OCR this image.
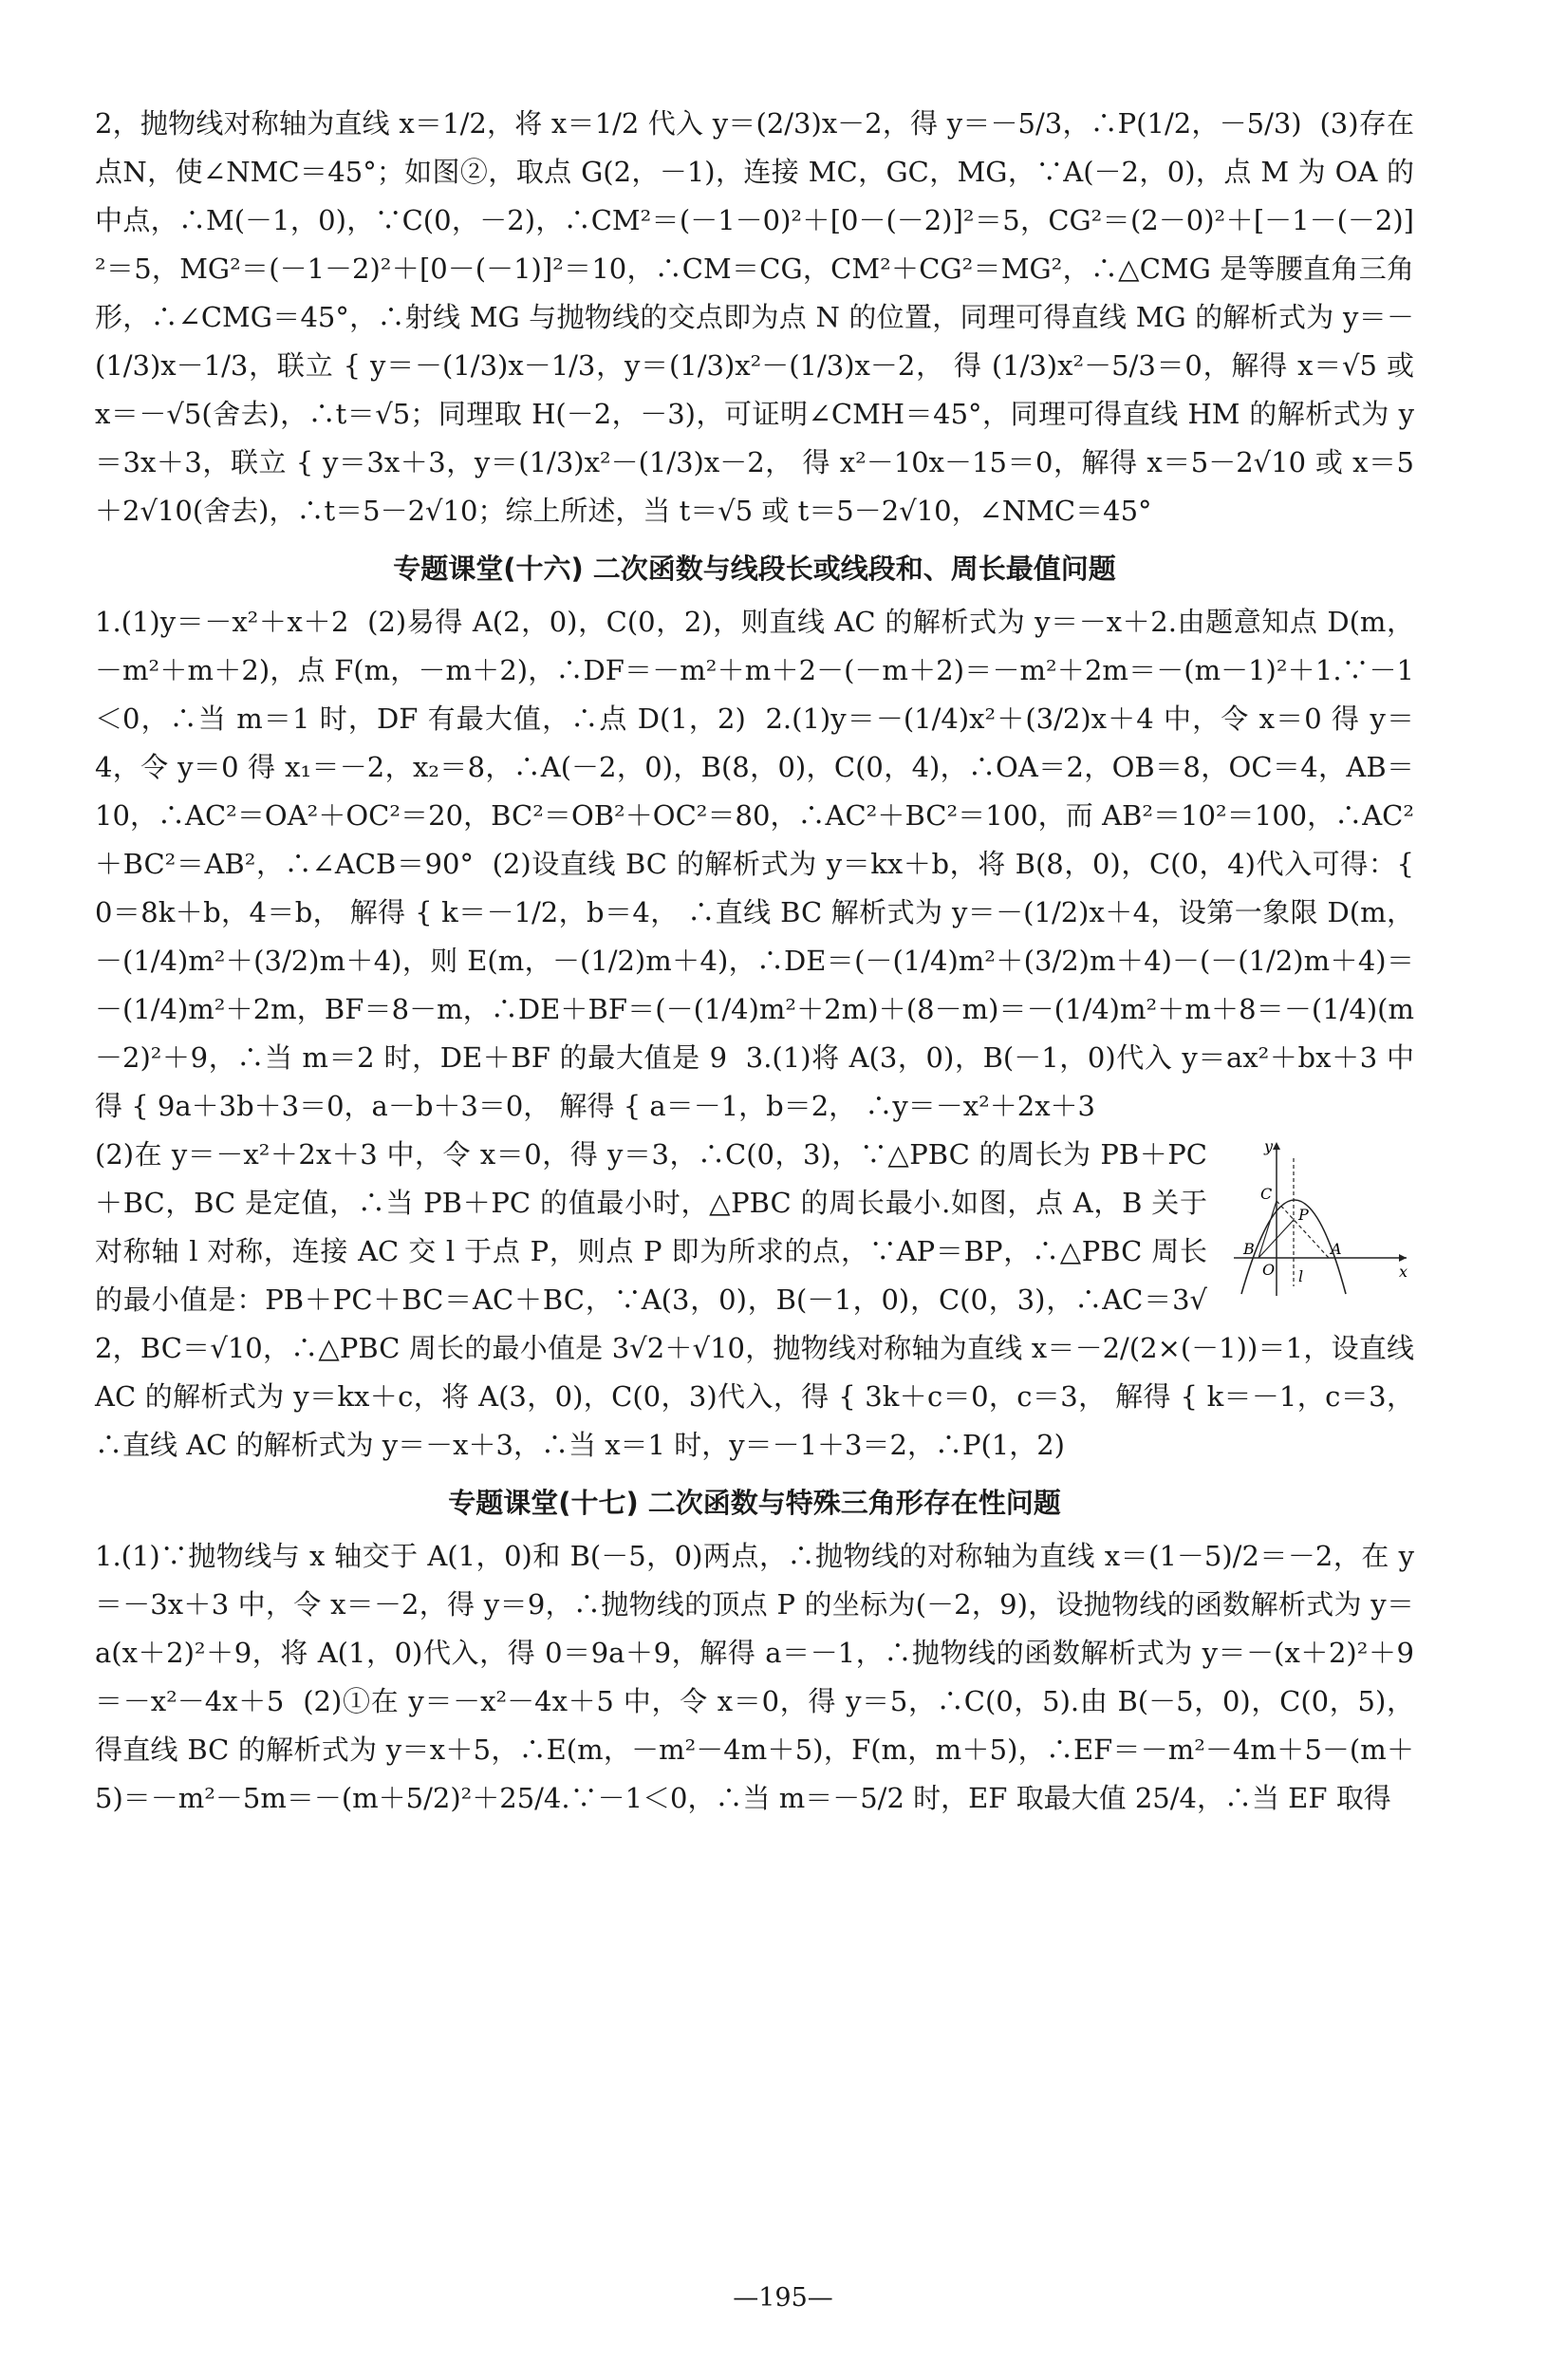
2，抛物线对称轴为直线 x＝1/2，将 x＝1/2 代入 y＝(2/3)x－2，得 y＝－5/3，∴P(1/2，－5/3)  (3)存在点N，使∠NMC＝45°；如图②，取点 G(2，－1)，连接 MC，GC，MG，∵A(－2，0)，点 M 为 OA 的中点，∴M(－1，0)，∵C(0，－2)，∴CM²＝(－1－0)²＋[0－(－2)]²＝5，CG²＝(2－0)²＋[－1－(－2)]²＝5，MG²＝(－1－2)²＋[0－(－1)]²＝10，∴CM＝CG，CM²＋CG²＝MG²，∴△CMG 是等腰直角三角形，∴∠CMG＝45°，∴射线 MG 与抛物线的交点即为点 N 的位置，同理可得直线 MG 的解析式为 y＝－(1/3)x－1/3，联立 { y＝－(1/3)x－1/3，y＝(1/3)x²－(1/3)x－2， 得 (1/3)x²－5/3＝0，解得 x＝√5 或 x＝－√5(舍去)，∴t＝√5；同理取 H(－2，－3)，可证明∠CMH＝45°，同理可得直线 HM 的解析式为 y＝3x＋3，联立 { y＝3x＋3，y＝(1/3)x²－(1/3)x－2， 得 x²－10x－15＝0，解得 x＝5－2√10 或 x＝5＋2√10(舍去)，∴t＝5－2√10；综上所述，当 t＝√5 或 t＝5－2√10，∠NMC＝45°

专题课堂(十六) 二次函数与线段长或线段和、周长最值问题

1.(1)y＝－x²＋x＋2  (2)易得 A(2，0)，C(0，2)，则直线 AC 的解析式为 y＝－x＋2.由题意知点 D(m，－m²＋m＋2)，点 F(m，－m＋2)，∴DF＝－m²＋m＋2－(－m＋2)＝－m²＋2m＝－(m－1)²＋1.∵－1＜0，∴当 m＝1 时，DF 有最大值，∴点 D(1，2)  2.(1)y＝－(1/4)x²＋(3/2)x＋4 中，令 x＝0 得 y＝4，令 y＝0 得 x₁＝－2，x₂＝8，∴A(－2，0)，B(8，0)，C(0，4)，∴OA＝2，OB＝8，OC＝4，AB＝10，∴AC²＝OA²＋OC²＝20，BC²＝OB²＋OC²＝80，∴AC²＋BC²＝100，而 AB²＝10²＝100，∴AC²＋BC²＝AB²，∴∠ACB＝90°  (2)设直线 BC 的解析式为 y＝kx＋b，将 B(8，0)，C(0，4)代入可得：{ 0＝8k＋b，4＝b， 解得 { k＝－1/2，b＝4， ∴直线 BC 解析式为 y＝－(1/2)x＋4，设第一象限 D(m，－(1/4)m²＋(3/2)m＋4)，则 E(m，－(1/2)m＋4)，∴DE＝(－(1/4)m²＋(3/2)m＋4)－(－(1/2)m＋4)＝－(1/4)m²＋2m，BF＝8－m，∴DE＋BF＝(－(1/4)m²＋2m)＋(8－m)＝－(1/4)m²＋m＋8＝－(1/4)(m－2)²＋9，∴当 m＝2 时，DE＋BF 的最大值是 9  3.(1)将 A(3，0)，B(－1，0)代入 y＝ax²＋bx＋3 中得 { 9a＋3b＋3＝0，a－b＋3＝0， 解得 { a＝－1，b＝2， ∴y＝－x²＋2x＋3

y
x
C
P
B	A
O l

(2)在 y＝－x²＋2x＋3 中，令 x＝0，得 y＝3，∴C(0，3)，∵△PBC 的周长为 PB＋PC＋BC，BC 是定值，∴当 PB＋PC 的值最小时，△PBC 的周长最小.如图，点 A，B 关于对称轴 l 对称，连接 AC 交 l 于点 P，则点 P 即为所求的点，∵AP＝BP，∴△PBC 周长的最小值是：PB＋PC＋BC＝AC＋BC，∵A(3，0)，B(－1，0)，C(0，3)，∴AC＝3√2，BC＝√10，∴△PBC 周长的最小值是 3√2＋√10，抛物线对称轴为直线 x＝－2/(2×(－1))＝1，设直线 AC 的解析式为 y＝kx＋c，将 A(3，0)，C(0，3)代入，得 { 3k＋c＝0，c＝3， 解得 { k＝－1，c＝3， ∴直线 AC 的解析式为 y＝－x＋3，∴当 x＝1 时，y＝－1＋3＝2，∴P(1，2)

专题课堂(十七) 二次函数与特殊三角形存在性问题

1.(1)∵抛物线与 x 轴交于 A(1，0)和 B(－5，0)两点，∴抛物线的对称轴为直线 x＝(1－5)/2＝－2，在 y＝－3x＋3 中，令 x＝－2，得 y＝9，∴抛物线的顶点 P 的坐标为(－2，9)，设抛物线的函数解析式为 y＝a(x＋2)²＋9，将 A(1，0)代入，得 0＝9a＋9，解得 a＝－1，∴抛物线的函数解析式为 y＝－(x＋2)²＋9＝－x²－4x＋5  (2)①在 y＝－x²－4x＋5 中，令 x＝0，得 y＝5，∴C(0，5).由 B(－5，0)，C(0，5)，得直线 BC 的解析式为 y＝x＋5，∴E(m，－m²－4m＋5)，F(m，m＋5)，∴EF＝－m²－4m＋5－(m＋5)＝－m²－5m＝－(m＋5/2)²＋25/4.∵－1＜0，∴当 m＝－5/2 时，EF 取最大值 25/4，∴当 EF 取得

—195—
